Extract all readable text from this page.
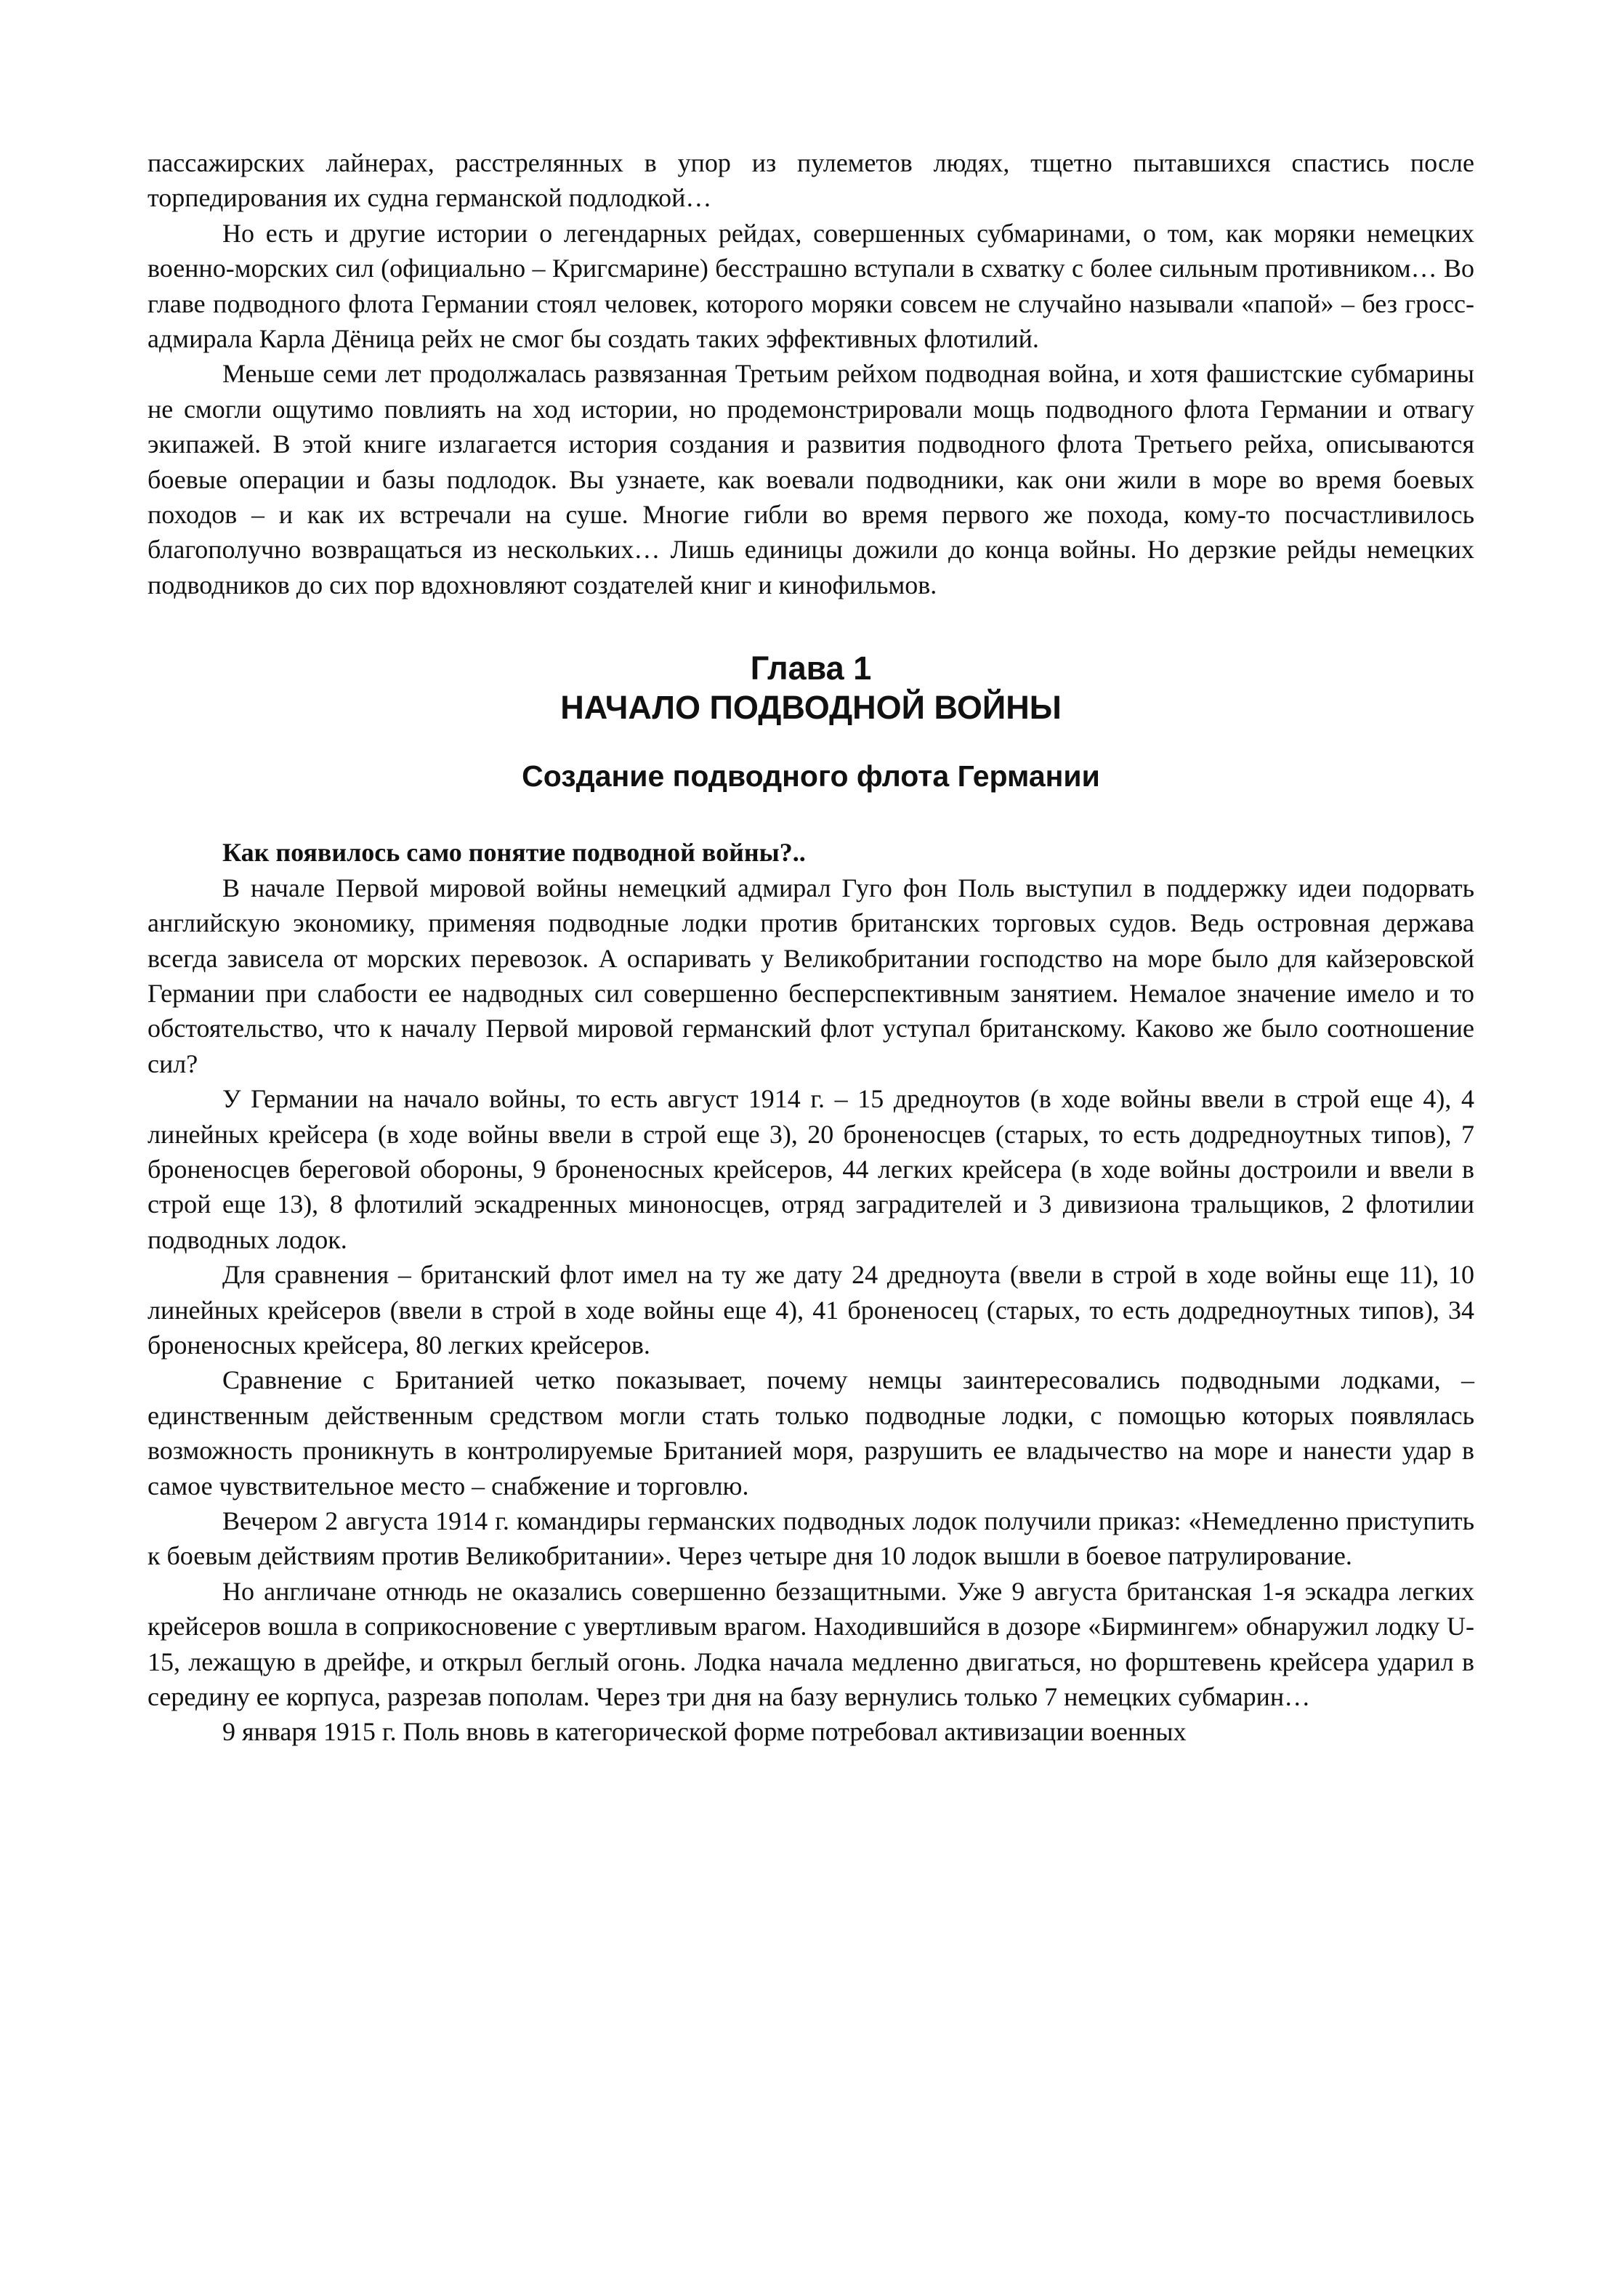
пассажирских лайнерах, расстрелянных в упор из пулеметов людях, тщетно пытавшихся спастись после торпедирования их судна германской подлодкой…

Но есть и другие истории о легендарных рейдах, совершенных субмаринами, о том, как моряки немецких военно-морских сил (официально – Кригсмарине) бесстрашно вступали в схватку с более сильным противником… Во главе подводного флота Германии стоял человек, которого моряки совсем не случайно называли «папой» – без гросс-адмирала Карла Дёница рейх не смог бы создать таких эффективных флотилий.

Меньше семи лет продолжалась развязанная Третьим рейхом подводная война, и хотя фашистские субмарины не смогли ощутимо повлиять на ход истории, но продемонстрировали мощь подводного флота Германии и отвагу экипажей. В этой книге излагается история создания и развития подводного флота Третьего рейха, описываются боевые операции и базы подлодок. Вы узнаете, как воевали подводники, как они жили в море во время боевых походов – и как их встречали на суше. Многие гибли во время первого же похода, кому-то посчастливилось благополучно возвращаться из нескольких… Лишь единицы дожили до конца войны. Но дерзкие рейды немецких подводников до сих пор вдохновляют создателей книг и кинофильмов.

Глава 1
НАЧАЛО ПОДВОДНОЙ ВОЙНЫ
Создание подводного флота Германии
Как появилось само понятие подводной войны?..

В начале Первой мировой войны немецкий адмирал Гуго фон Поль выступил в поддержку идеи подорвать английскую экономику, применяя подводные лодки против британских торговых судов. Ведь островная держава всегда зависела от морских перевозок. А оспаривать у Великобритании господство на море было для кайзеровской Германии при слабости ее надводных сил совершенно бесперспективным занятием. Немалое значение имело и то обстоятельство, что к началу Первой мировой германский флот уступал британскому. Каково же было соотношение сил?

У Германии на начало войны, то есть август 1914 г. – 15 дредноутов (в ходе войны ввели в строй еще 4), 4 линейных крейсера (в ходе войны ввели в строй еще 3), 20 броненосцев (старых, то есть додредноутных типов), 7 броненосцев береговой обороны, 9 броненосных крейсеров, 44 легких крейсера (в ходе войны достроили и ввели в строй еще 13), 8 флотилий эскадренных миноносцев, отряд заградителей и 3 дивизиона тральщиков, 2 флотилии подводных лодок.

Для сравнения – британский флот имел на ту же дату 24 дредноута (ввели в строй в ходе войны еще 11), 10 линейных крейсеров (ввели в строй в ходе войны еще 4), 41 броненосец (старых, то есть додредноутных типов), 34 броненосных крейсера, 80 легких крейсеров.

Сравнение с Британией четко показывает, почему немцы заинтересовались подводными лодками, – единственным действенным средством могли стать только подводные лодки, с помощью которых появлялась возможность проникнуть в контролируемые Британией моря, разрушить ее владычество на море и нанести удар в самое чувствительное место – снабжение и торговлю.

Вечером 2 августа 1914 г. командиры германских подводных лодок получили приказ: «Немедленно приступить к боевым действиям против Великобритании». Через четыре дня 10 лодок вышли в боевое патрулирование.

Но англичане отнюдь не оказались совершенно беззащитными. Уже 9 августа британская 1-я эскадра легких крейсеров вошла в соприкосновение с увертливым врагом. Находившийся в дозоре «Бирмингем» обнаружил лодку U-15, лежащую в дрейфе, и открыл беглый огонь. Лодка начала медленно двигаться, но форштевень крейсера ударил в середину ее корпуса, разрезав пополам. Через три дня на базу вернулись только 7 немецких субмарин…

9 января 1915 г. Поль вновь в категорической форме потребовал активизации военных
